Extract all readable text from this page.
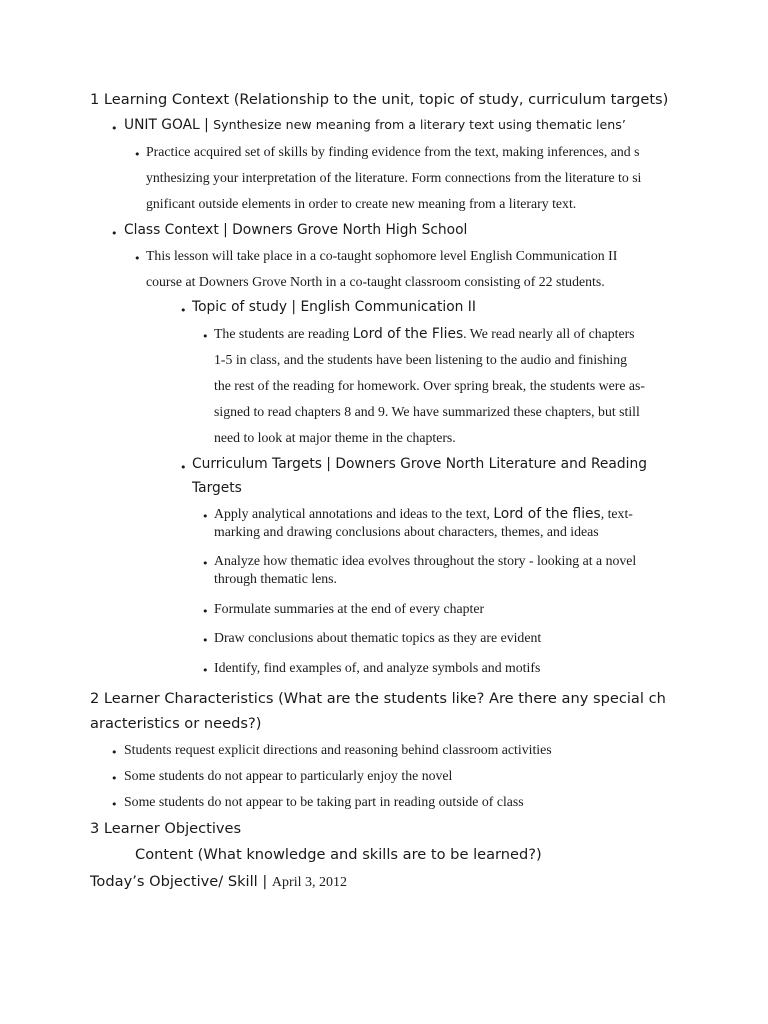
1 Learning Context (Relationship to the unit, topic of study, curriculum targets)
• UNIT GOAL | Synthesize new meaning from a literary text using thematic lens’
• Practice acquired set of skills by finding evidence from the text, making inferences, and s
ynthesizing your interpretation of the literature. Form connections from the literature to si
gnificant outside elements in order to create new meaning from a literary text.
• Class Context | Downers Grove North High School
• This lesson will take place in a co-taught sophomore level English Communication II
course at Downers Grove North in a co-taught classroom consisting of 22 students.
• Topic of study | English Communication II
• The students are reading Lord of the Flies. We read nearly all of chapters
1-5 in class, and the students have been listening to the audio and finishing
the rest of the reading for homework. Over spring break, the students were as-
signed to read chapters 8 and 9. We have summarized these chapters, but still
need to look at major theme in the chapters.
• Curriculum Targets | Downers Grove North Literature and Reading
Targets
• Apply analytical annotations and ideas to the text, Lord of the flies, text-
marking and drawing conclusions about characters, themes, and ideas
• Analyze how thematic idea evolves throughout the story - looking at a novel
through thematic lens.
• Formulate summaries at the end of every chapter
• Draw conclusions about thematic topics as they are evident
• Identify, find examples of, and analyze symbols and motifs
2 Learner Characteristics (What are the students like? Are there any special ch
aracteristics or needs?)
• Students request explicit directions and reasoning behind classroom activities
• Some students do not appear to particularly enjoy the novel
• Some students do not appear to be taking part in reading outside of class
3 Learner Objectives
Content (What knowledge and skills are to be learned?)
Today’s Objective/ Skill | April 3, 2012
